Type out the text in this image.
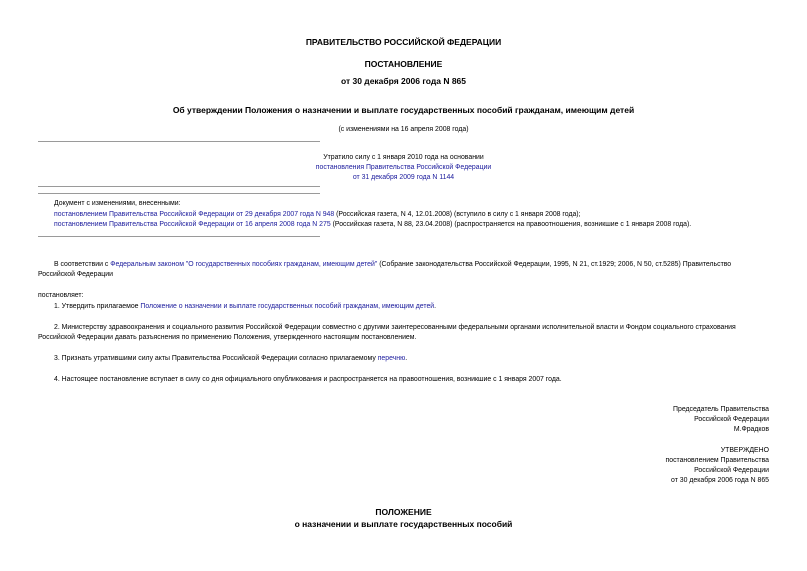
ПРАВИТЕЛЬСТВО РОССИЙСКОЙ ФЕДЕРАЦИИ
ПОСТАНОВЛЕНИЕ
от 30 декабря 2006 года N 865
Об утверждении Положения о назначении и выплате государственных пособий гражданам, имеющим детей
(с изменениями на 16 апреля 2008 года)
Утратило силу с 1 января 2010 года на основании
постановления Правительства Российской Федерации
от 31 декабря 2009 года N 1144
Документ с изменениями, внесенными:
постановлением Правительства Российской Федерации от 29 декабря 2007 года N 948 (Российская газета, N 4, 12.01.2008) (вступило в силу с 1 января 2008 года);
постановлением Правительства Российской Федерации от 16 апреля 2008 года N 275 (Российская газета, N 88, 23.04.2008) (распространяется на правоотношения, возникшие с 1 января 2008 года).
В соответствии с Федеральным законом "О государственных пособиях гражданам, имеющим детей" (Собрание законодательства Российской Федерации, 1995, N 21, ст.1929; 2006, N 50, ст.5285) Правительство Российской Федерации
постановляет:
1. Утвердить прилагаемое Положение о назначении и выплате государственных пособий гражданам, имеющим детей.
2. Министерству здравоохранения и социального развития Российской Федерации совместно с другими заинтересованными федеральными органами исполнительной власти и Фондом социального страхования Российской Федерации давать разъяснения по применению Положения, утвержденного настоящим постановлением.
3. Признать утратившими силу акты Правительства Российской Федерации согласно прилагаемому перечню.
4. Настоящее постановление вступает в силу со дня официального опубликования и распространяется на правоотношения, возникшие с 1 января 2007 года.
Председатель Правительства
Российской Федерации
М.Фрадков
УТВЕРЖДЕНО
постановлением Правительства
Российской Федерации
от 30 декабря 2006 года N 865
ПОЛОЖЕНИЕ
о назначении и выплате государственных пособий
